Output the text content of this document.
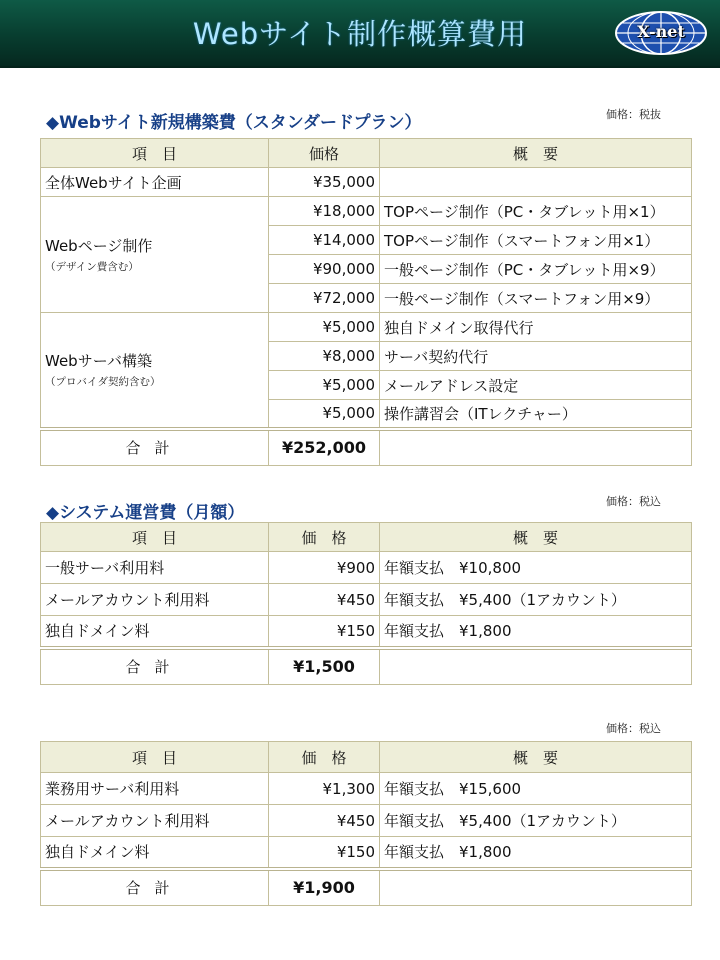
Webサイト制作概算費用	X-net
◆Webサイト新規構築費（スタンダードプラン）	価格：税抜
項　目	価格	概　要
全体Webサイト企画	¥35,000	
Webページ制作
（デザイン費含む）	¥18,000	TOPページ制作（PC・タブレット用×1）
	¥14,000	TOPページ制作（スマートフォン用×1）
	¥90,000	一般ページ制作（PC・タブレット用×9）
	¥72,000	一般ページ制作（スマートフォン用×9）
Webサーバ構築
（プロバイダ契約含む）	¥5,000	独自ドメイン取得代行
	¥8,000	サーバ契約代行
	¥5,000	メールアドレス設定
	¥5,000	操作講習会（ITレクチャー）
合計	¥252,000	
◆システム運営費（月額）
価格：税込
項　目	価　格	概　要
一般サーバ利用料	¥900	年額支払　¥10,800
メールアカウント利用料	¥450	年額支払　¥5,400（1アカウント）
独自ドメイン料	¥150	年額支払　¥1,800
合計	¥1,500	
価格：税込
項　目	価　格	概　要
業務用サーバ利用料	¥1,300	年額支払　¥15,600
メールアカウント利用料	¥450	年額支払　¥5,400（1アカウント）
独自ドメイン料	¥150	年額支払　¥1,800
合計	¥1,900	
